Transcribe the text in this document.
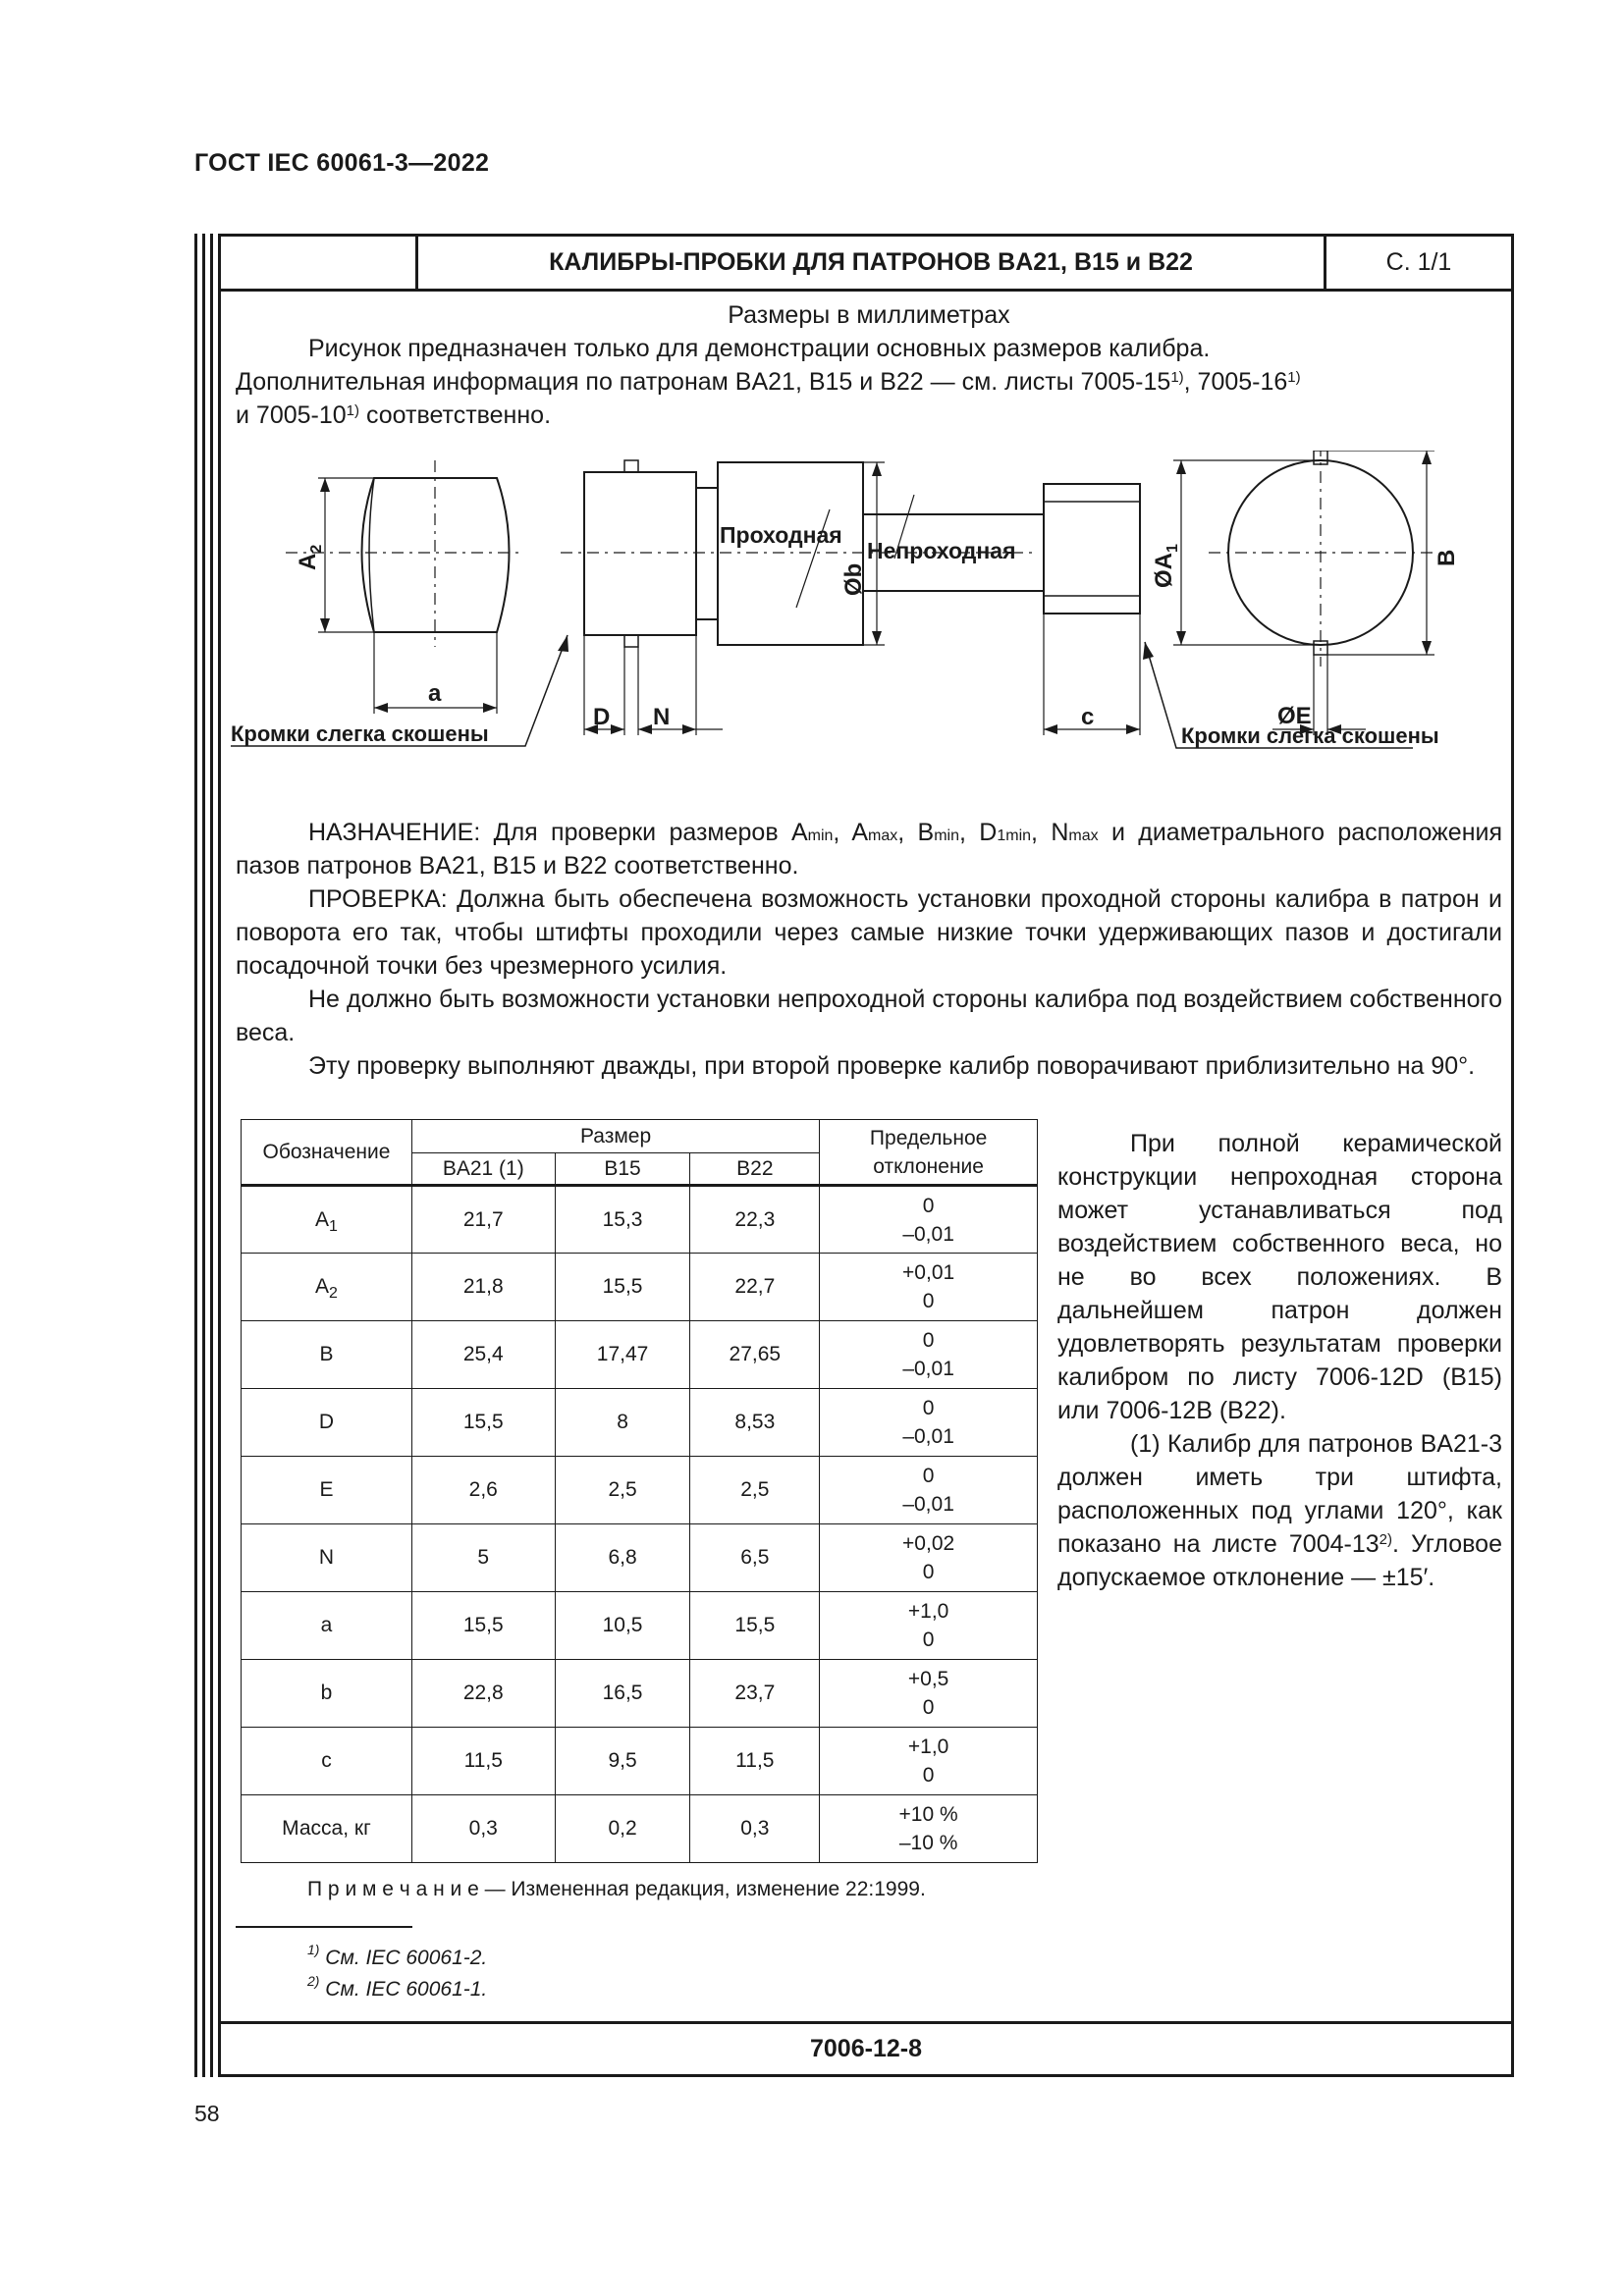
ГОСТ IEC 60061-3—2022
КАЛИБРЫ-ПРОБКИ ДЛЯ ПАТРОНОВ BA21, B15 и B22	С. 1/1
Размеры в миллиметрах
Рисунок предназначен только для демонстрации основных размеров калибра.
Дополнительная информация по патронам BA21, B15 и B22 — см. листы 7005-15$^{1)}$, 7005-16$^{1)}$
и 7005-10$^{1)}$ соответственно.
$A_2$
a
D N
Проходная
Øb
Непроходная
c
$ØA_1$
B
ØE
Кромки слегка скошены	Кромки слегка скошены
НАЗНАЧЕНИЕ: Для проверки размеров $A_{min}$, $A_{max}$, $B_{min}$, $D_{1min}$, $N_{max}$ и диаметрального расположения пазов патронов BA21, B15 и B22 соответственно.
ПРОВЕРКА: Должна быть обеспечена возможность установки проходной стороны калибра в патрон и поворота его так, чтобы штифты проходили через самые низкие точки удерживающих пазов и достигали посадочной точки без чрезмерного усилия.
Не должно быть возможности установки непроходной стороны калибра под воздействием собственного веса.
Эту проверку выполняют дважды, при второй проверке калибр поворачивают приблизительно на 90°.
Обозначение	Размер			Предельное
отклонение
	BA21 (1)	B15	B22	
$A_1$	21,7	15,3	22,3	0
–0,01
$A_2$	21,8	15,5	22,7	+0,01
0
B	25,4	17,47	27,65	0
–0,01
D	15,5	8	8,53	0
–0,01
E	2,6	2,5	2,5	0
–0,01
N	5	6,8	6,5	+0,02
0
a	15,5	10,5	15,5	+1,0
0
b	22,8	16,5	23,7	+0,5
0
c	11,5	9,5	11,5	+1,0
0
Масса, кг	0,3	0,2	0,3	+10 %
–10 %
При полной керамической конструкции непроходная сторона может устанавливаться под воздействием собственного веса, но не во всех положениях. В дальнейшем патрон должен удовлетворять результатам проверки калибром по листу 7006-12D (B15) или 7006-12B (B22).
(1) Калибр для патронов BA21-3 должен иметь три штифта, расположенных под углами 120°, как показано на листе 7004-13$^{2)}$. Угловое допускаемое отклонение — ±15′.
П р и м е ч а н и е — Измененная редакция, изменение 22:1999.
$^{1)}$ См. IEC 60061-2.
$^{2)}$ См. IEC 60061-1.
7006-12-8
58
